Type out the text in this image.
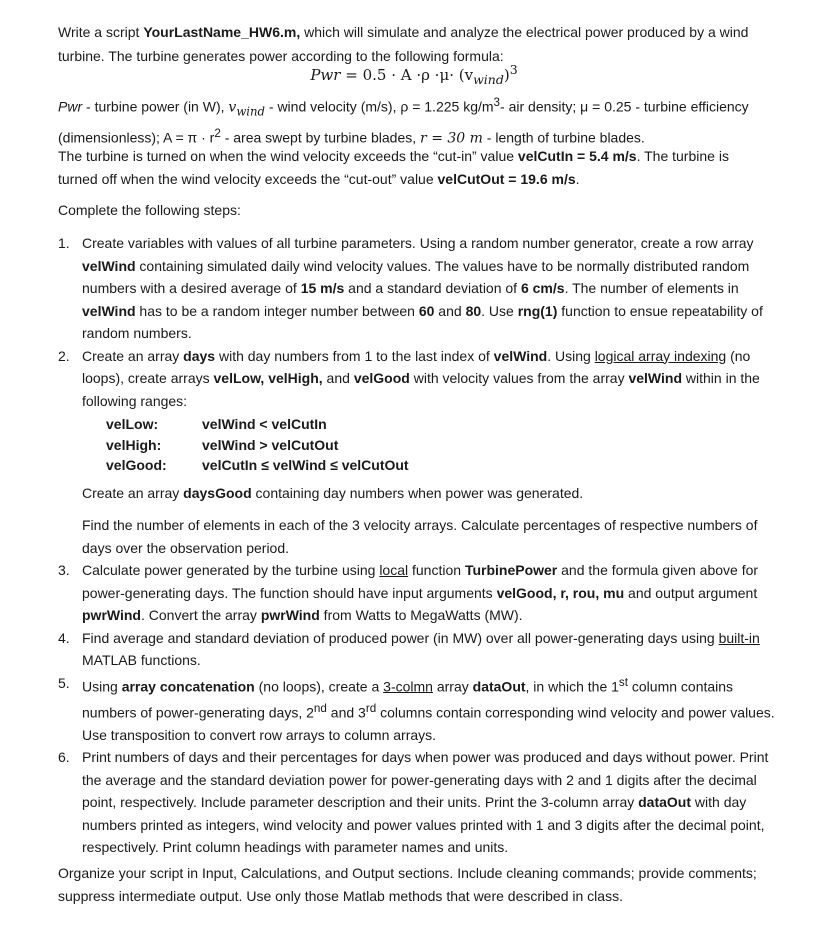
Write a script YourLastName_HW6.m, which will simulate and analyze the electrical power produced by a wind turbine. The turbine generates power according to the following formula:

Pwr = $0.5 \cdot A \cdot\rho \cdot\mu\cdot (v_{wind})^3$

Pwr - turbine power (in W), $v_{wind}$ - wind velocity (m/s), ρ = 1.225 $kg/m^3-$ air density; μ = 0.25 - turbine efficiency (dimensionless); $A = \pi \cdot r^2$ - area swept by turbine blades, r = 30 m - length of turbine blades.

The turbine is turned on when the wind velocity exceeds the “cut-in” value velCutIn = 5.4 m/s. The turbine is turned off when the wind velocity exceeds the “cut-out” value velCutOut = 19.6 m/s.

Complete the following steps:

1. Create variables with values of all turbine parameters. Using a random number generator, create a row array velWind containing simulated daily wind velocity values. The values have to be normally distributed random numbers with a desired average of 15 m/s and a standard deviation of 6 cm/s. The number of elements in velWind has to be a random integer number between 60 and 80. Use rng(1) function to ensue repeatability of random numbers.
2. Create an array days with day numbers from 1 to the last index of velWind. Using logical array indexing (no loops), create arrays velLow, velHigh, and velGood with velocity values from the array velWind within in the following ranges:
velLow:	velWind < velCutIn
velHigh:	velWind > velCutOut
velGood:	velCutIn ≤ velWind ≤ velCutOut
Create an array daysGood containing day numbers when power was generated.
Find the number of elements in each of the 3 velocity arrays. Calculate percentages of respective numbers of days over the observation period.
3. Calculate power generated by the turbine using local function TurbinePower and the formula given above for power-generating days. The function should have input arguments velGood, r, rou, mu and output argument pwrWind. Convert the array pwrWind from Watts to MegaWatts (MW).
4. Find average and standard deviation of produced power (in MW) over all power-generating days using built-in MATLAB functions.
5. Using array concatenation (no loops), create a 3-colmn array dataOut, in which the 1st column contains numbers of power-generating days, 2nd and 3rd columns contain corresponding wind velocity and power values. Use transposition to convert row arrays to column arrays.
6. Print numbers of days and their percentages for days when power was produced and days without power. Print the average and the standard deviation power for power-generating days with 2 and 1 digits after the decimal point, respectively. Include parameter description and their units. Print the 3-column array dataOut with day numbers printed as integers, wind velocity and power values printed with 1 and 3 digits after the decimal point, respectively. Print column headings with parameter names and units.

Organize your script in Input, Calculations, and Output sections. Include cleaning commands; provide comments; suppress intermediate output. Use only those Matlab methods that were described in class.
